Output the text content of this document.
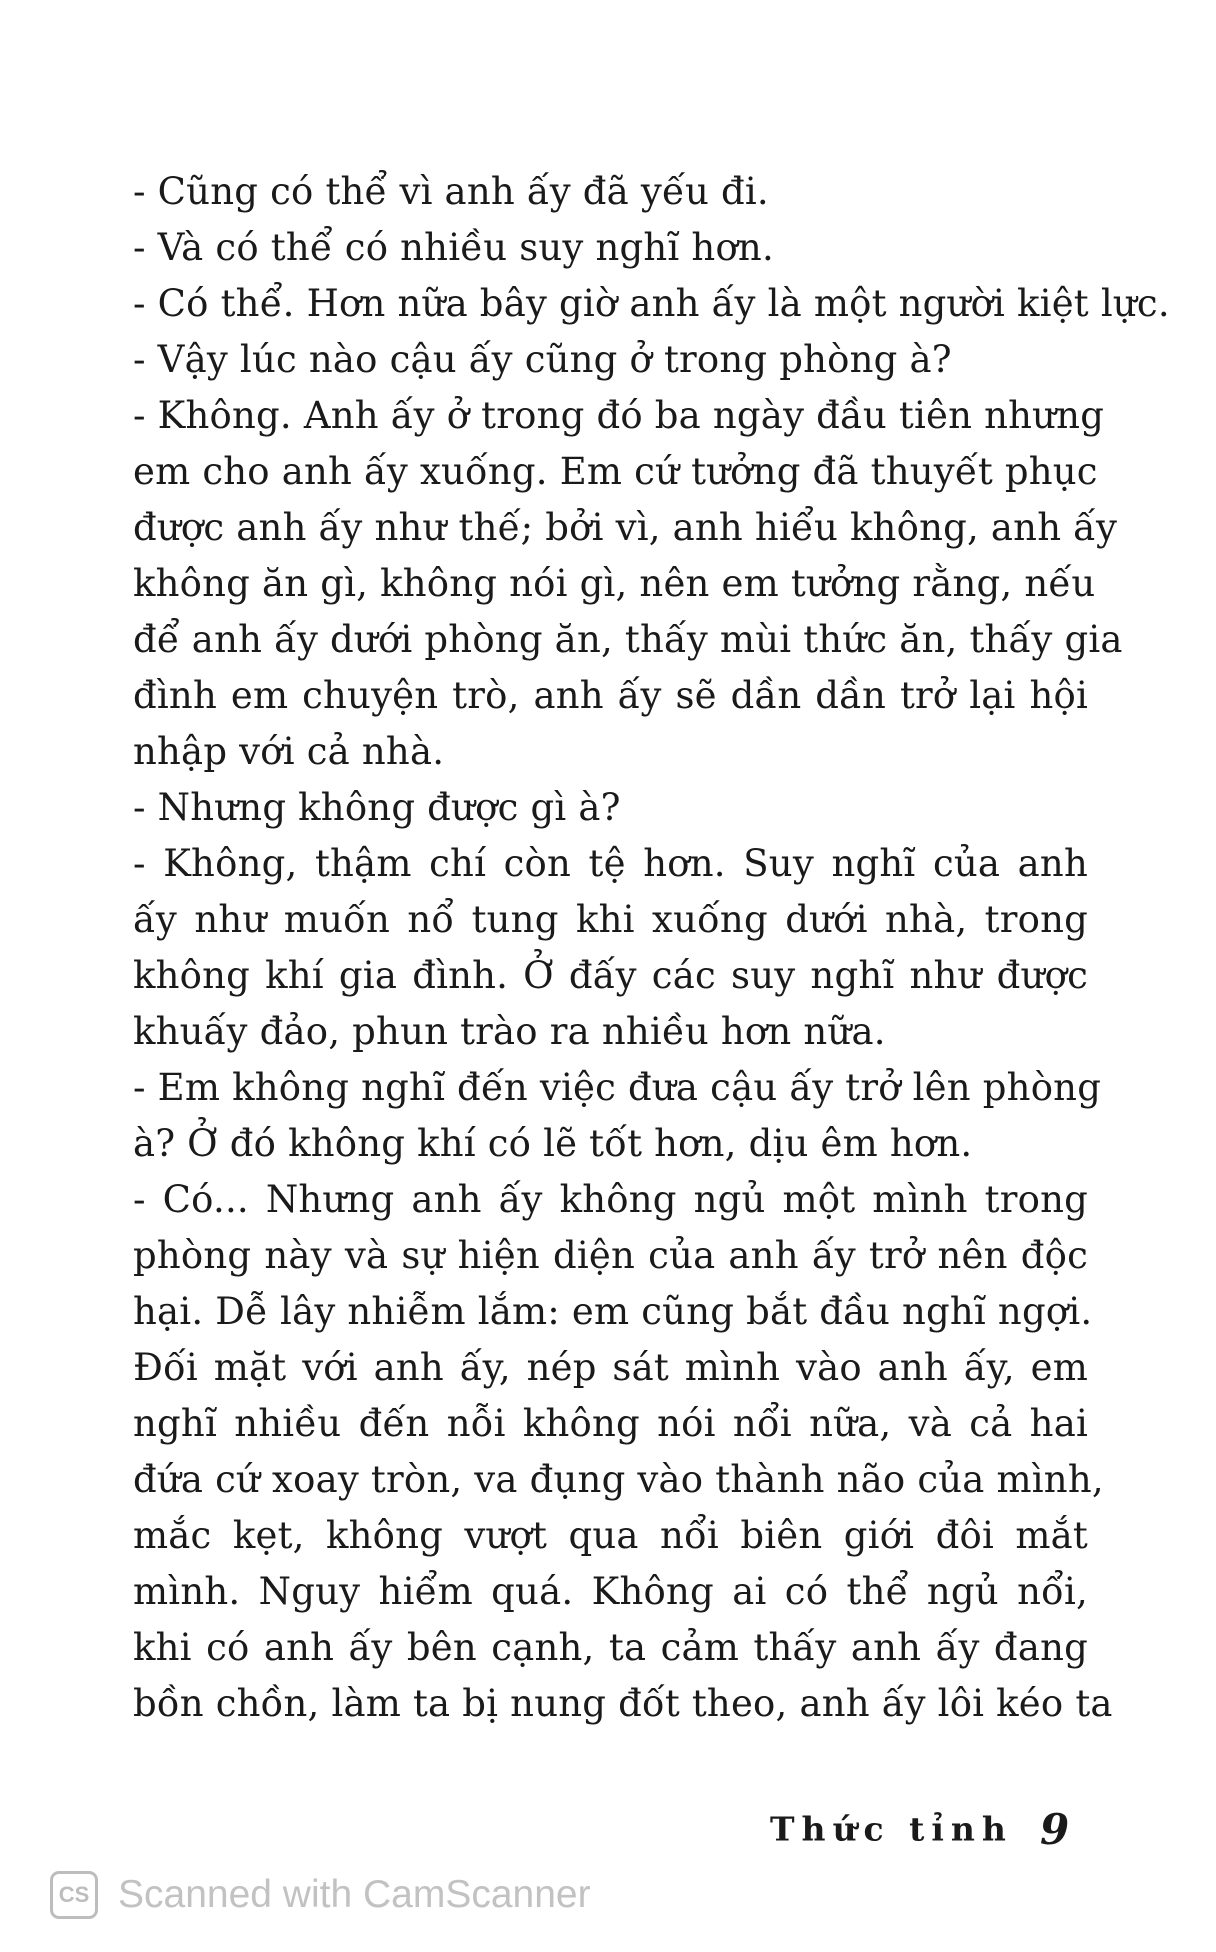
- Cũng có thể vì anh ấy đã yếu đi.
- Và có thể có nhiều suy nghĩ hơn.
- Có thể. Hơn nữa bây giờ anh ấy là một người kiệt lực.
- Vậy lúc nào cậu ấy cũng ở trong phòng à?
- Không. Anh ấy ở trong đó ba ngày đầu tiên nhưng
em cho anh ấy xuống. Em cứ tưởng đã thuyết phục
được anh ấy như thế; bởi vì, anh hiểu không, anh ấy
không ăn gì, không nói gì, nên em tưởng rằng, nếu
để anh ấy dưới phòng ăn, thấy mùi thức ăn, thấy gia
đình em chuyện trò, anh ấy sẽ dần dần trở lại hội
nhập với cả nhà.
- Nhưng không được gì à?
- Không, thậm chí còn tệ hơn. Suy nghĩ của anh
ấy như muốn nổ tung khi xuống dưới nhà, trong
không khí gia đình. Ở đấy các suy nghĩ như được
khuấy đảo, phun trào ra nhiều hơn nữa.
- Em không nghĩ đến việc đưa cậu ấy trở lên phòng
à? Ở đó không khí có lẽ tốt hơn, dịu êm hơn.
- Có... Nhưng anh ấy không ngủ một mình trong
phòng này và sự hiện diện của anh ấy trở nên độc
hại. Dễ lây nhiễm lắm: em cũng bắt đầu nghĩ ngợi.
Đối mặt với anh ấy, nép sát mình vào anh ấy, em
nghĩ nhiều đến nỗi không nói nổi nữa, và cả hai
đứa cứ xoay tròn, va đụng vào thành não của mình,
mắc kẹt, không vượt qua nổi biên giới đôi mắt
mình. Nguy hiểm quá. Không ai có thể ngủ nổi,
khi có anh ấy bên cạnh, ta cảm thấy anh ấy đang
bồn chồn, làm ta bị nung đốt theo, anh ấy lôi kéo ta
Thức tỉnh 9
CS Scanned with CamScanner
